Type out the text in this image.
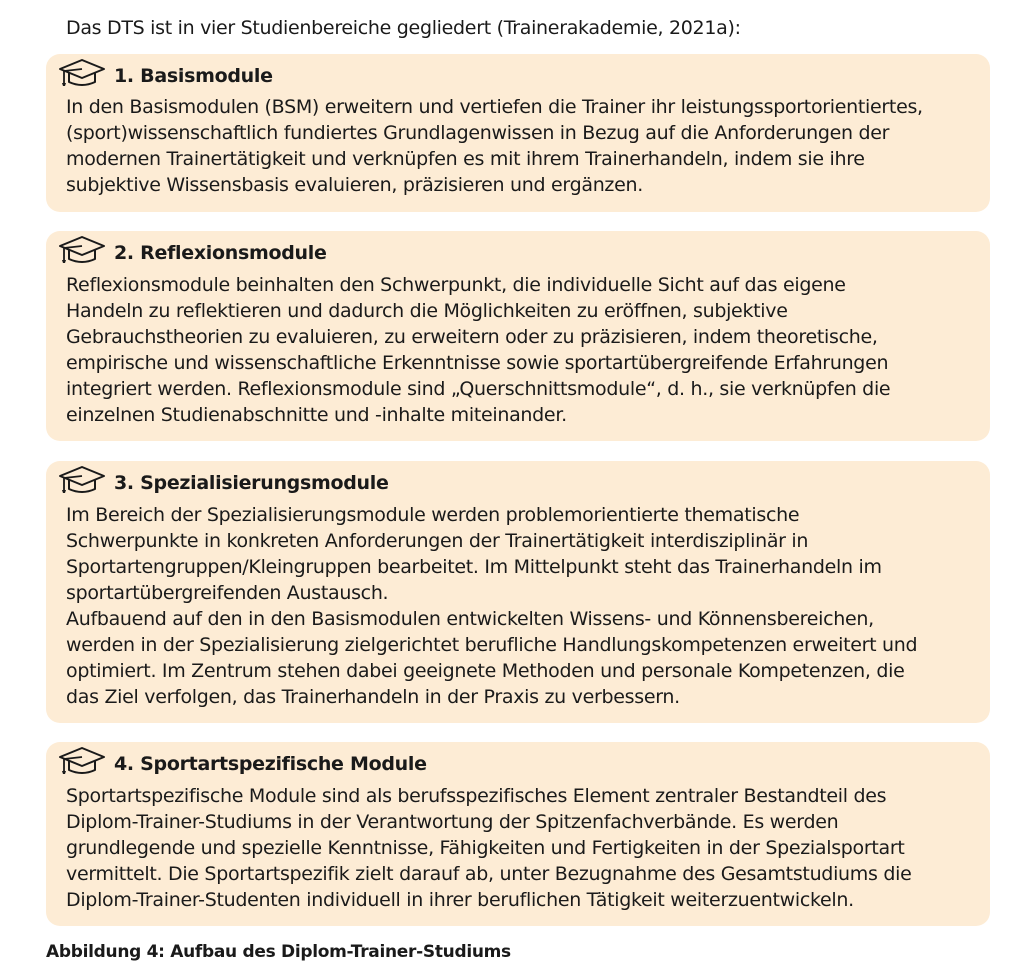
Das DTS ist in vier Studienbereiche gegliedert (Trainerakademie, 2021a):

1. Basismodule

In den Basismodulen (BSM) erweitern und vertiefen die Trainer ihr leistungssportorientiertes,
(sport)wissenschaftlich fundiertes Grundlagenwissen in Bezug auf die Anforderungen der
modernen Trainertätigkeit und verknüpfen es mit ihrem Trainerhandeln, indem sie ihre
subjektive Wissensbasis evaluieren, präzisieren und ergänzen.

2. Reflexionsmodule

Reflexionsmodule beinhalten den Schwerpunkt, die individuelle Sicht auf das eigene
Handeln zu reflektieren und dadurch die Möglichkeiten zu eröffnen, subjektive
Gebrauchstheorien zu evaluieren, zu erweitern oder zu präzisieren, indem theoretische,
empirische und wissenschaftliche Erkenntnisse sowie sportartübergreifende Erfahrungen
integriert werden. Reflexionsmodule sind „Querschnittsmodule“, d. h., sie verknüpfen die
einzelnen Studienabschnitte und -inhalte miteinander.

3. Spezialisierungsmodule

Im Bereich der Spezialisierungsmodule werden problemorientierte thematische
Schwerpunkte in konkreten Anforderungen der Trainertätigkeit interdisziplinär in
Sportartengruppen/Kleingruppen bearbeitet. Im Mittelpunkt steht das Trainerhandeln im
sportartübergreifenden Austausch.
Aufbauend auf den in den Basismodulen entwickelten Wissens- und Könnensbereichen,
werden in der Spezialisierung zielgerichtet berufliche Handlungskompetenzen erweitert und
optimiert. Im Zentrum stehen dabei geeignete Methoden und personale Kompetenzen, die
das Ziel verfolgen, das Trainerhandeln in der Praxis zu verbessern.

4. Sportartspezifische Module

Sportartspezifische Module sind als berufsspezifisches Element zentraler Bestandteil des
Diplom-Trainer-Studiums in der Verantwortung der Spitzenfachverbände. Es werden
grundlegende und spezielle Kenntnisse, Fähigkeiten und Fertigkeiten in der Spezialsportart
vermittelt. Die Sportartspezifik zielt darauf ab, unter Bezugnahme des Gesamtstudiums die
Diplom-Trainer-Studenten individuell in ihrer beruflichen Tätigkeit weiterzuentwickeln.

Abbildung 4: Aufbau des Diplom-Trainer-Studiums
